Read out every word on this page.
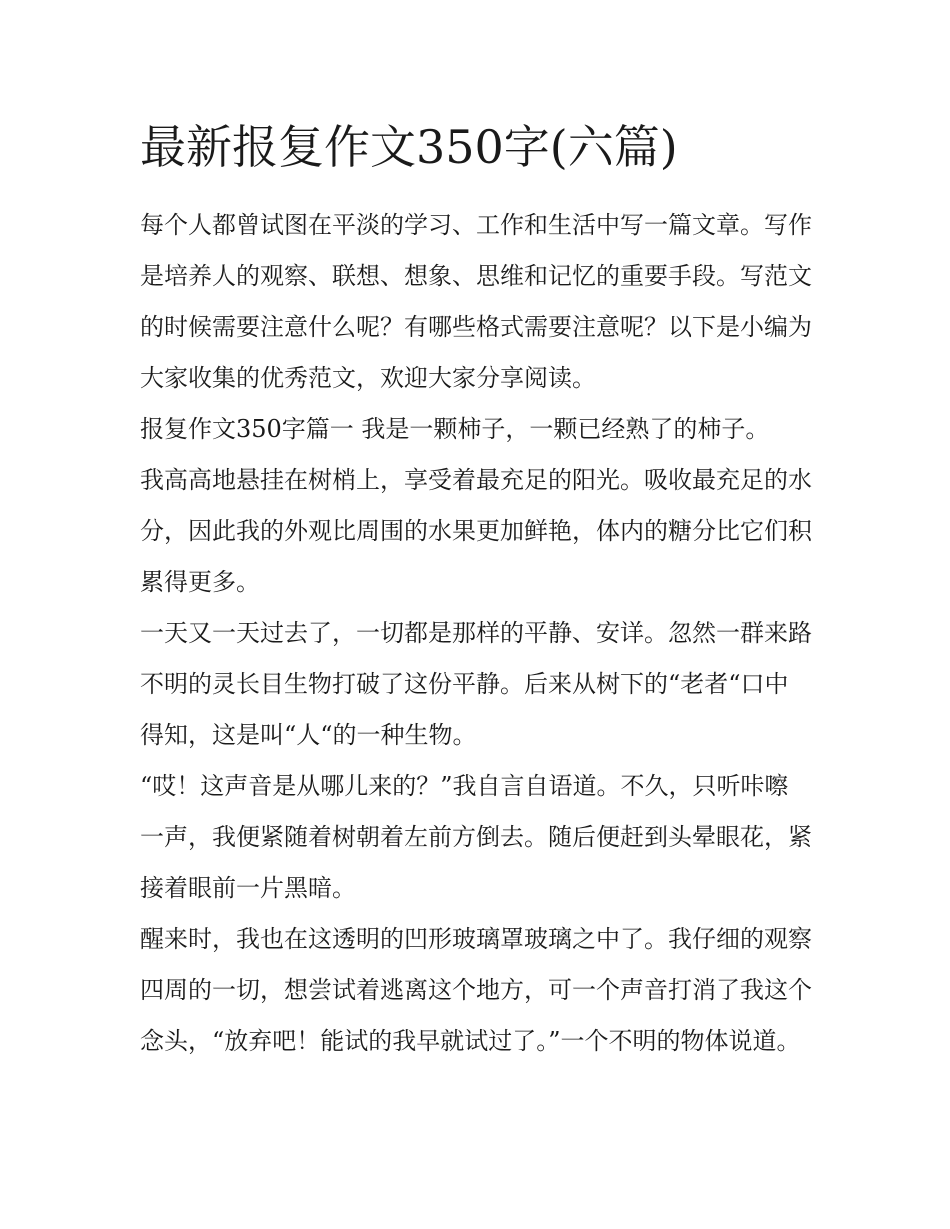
最新报复作文350字(六篇)

每个人都曾试图在平淡的学习、工作和生活中写一篇文章。写作是培养人的观察、联想、想象、思维和记忆的重要手段。写范文的时候需要注意什么呢？有哪些格式需要注意呢？以下是小编为大家收集的优秀范文，欢迎大家分享阅读。

报复作文350字篇一 我是一颗柿子，一颗已经熟了的柿子。

我高高地悬挂在树梢上，享受着最充足的阳光。吸收最充足的水分，因此我的外观比周围的水果更加鲜艳，体内的糖分比它们积累得更多。

一天又一天过去了，一切都是那样的平静、安详。忽然一群来路不明的灵长目生物打破了这份平静。后来从树下的“老者“口中得知，这是叫“人“的一种生物。

“哎！这声音是从哪儿来的？”我自言自语道。不久，只听咔嚓一声，我便紧随着树朝着左前方倒去。随后便赶到头晕眼花，紧接着眼前一片黑暗。

醒来时，我也在这透明的凹形玻璃罩玻璃之中了。我仔细的观察四周的一切，想尝试着逃离这个地方，可一个声音打消了我这个念头，“放弃吧！能试的我早就试过了。”一个不明的物体说道。
